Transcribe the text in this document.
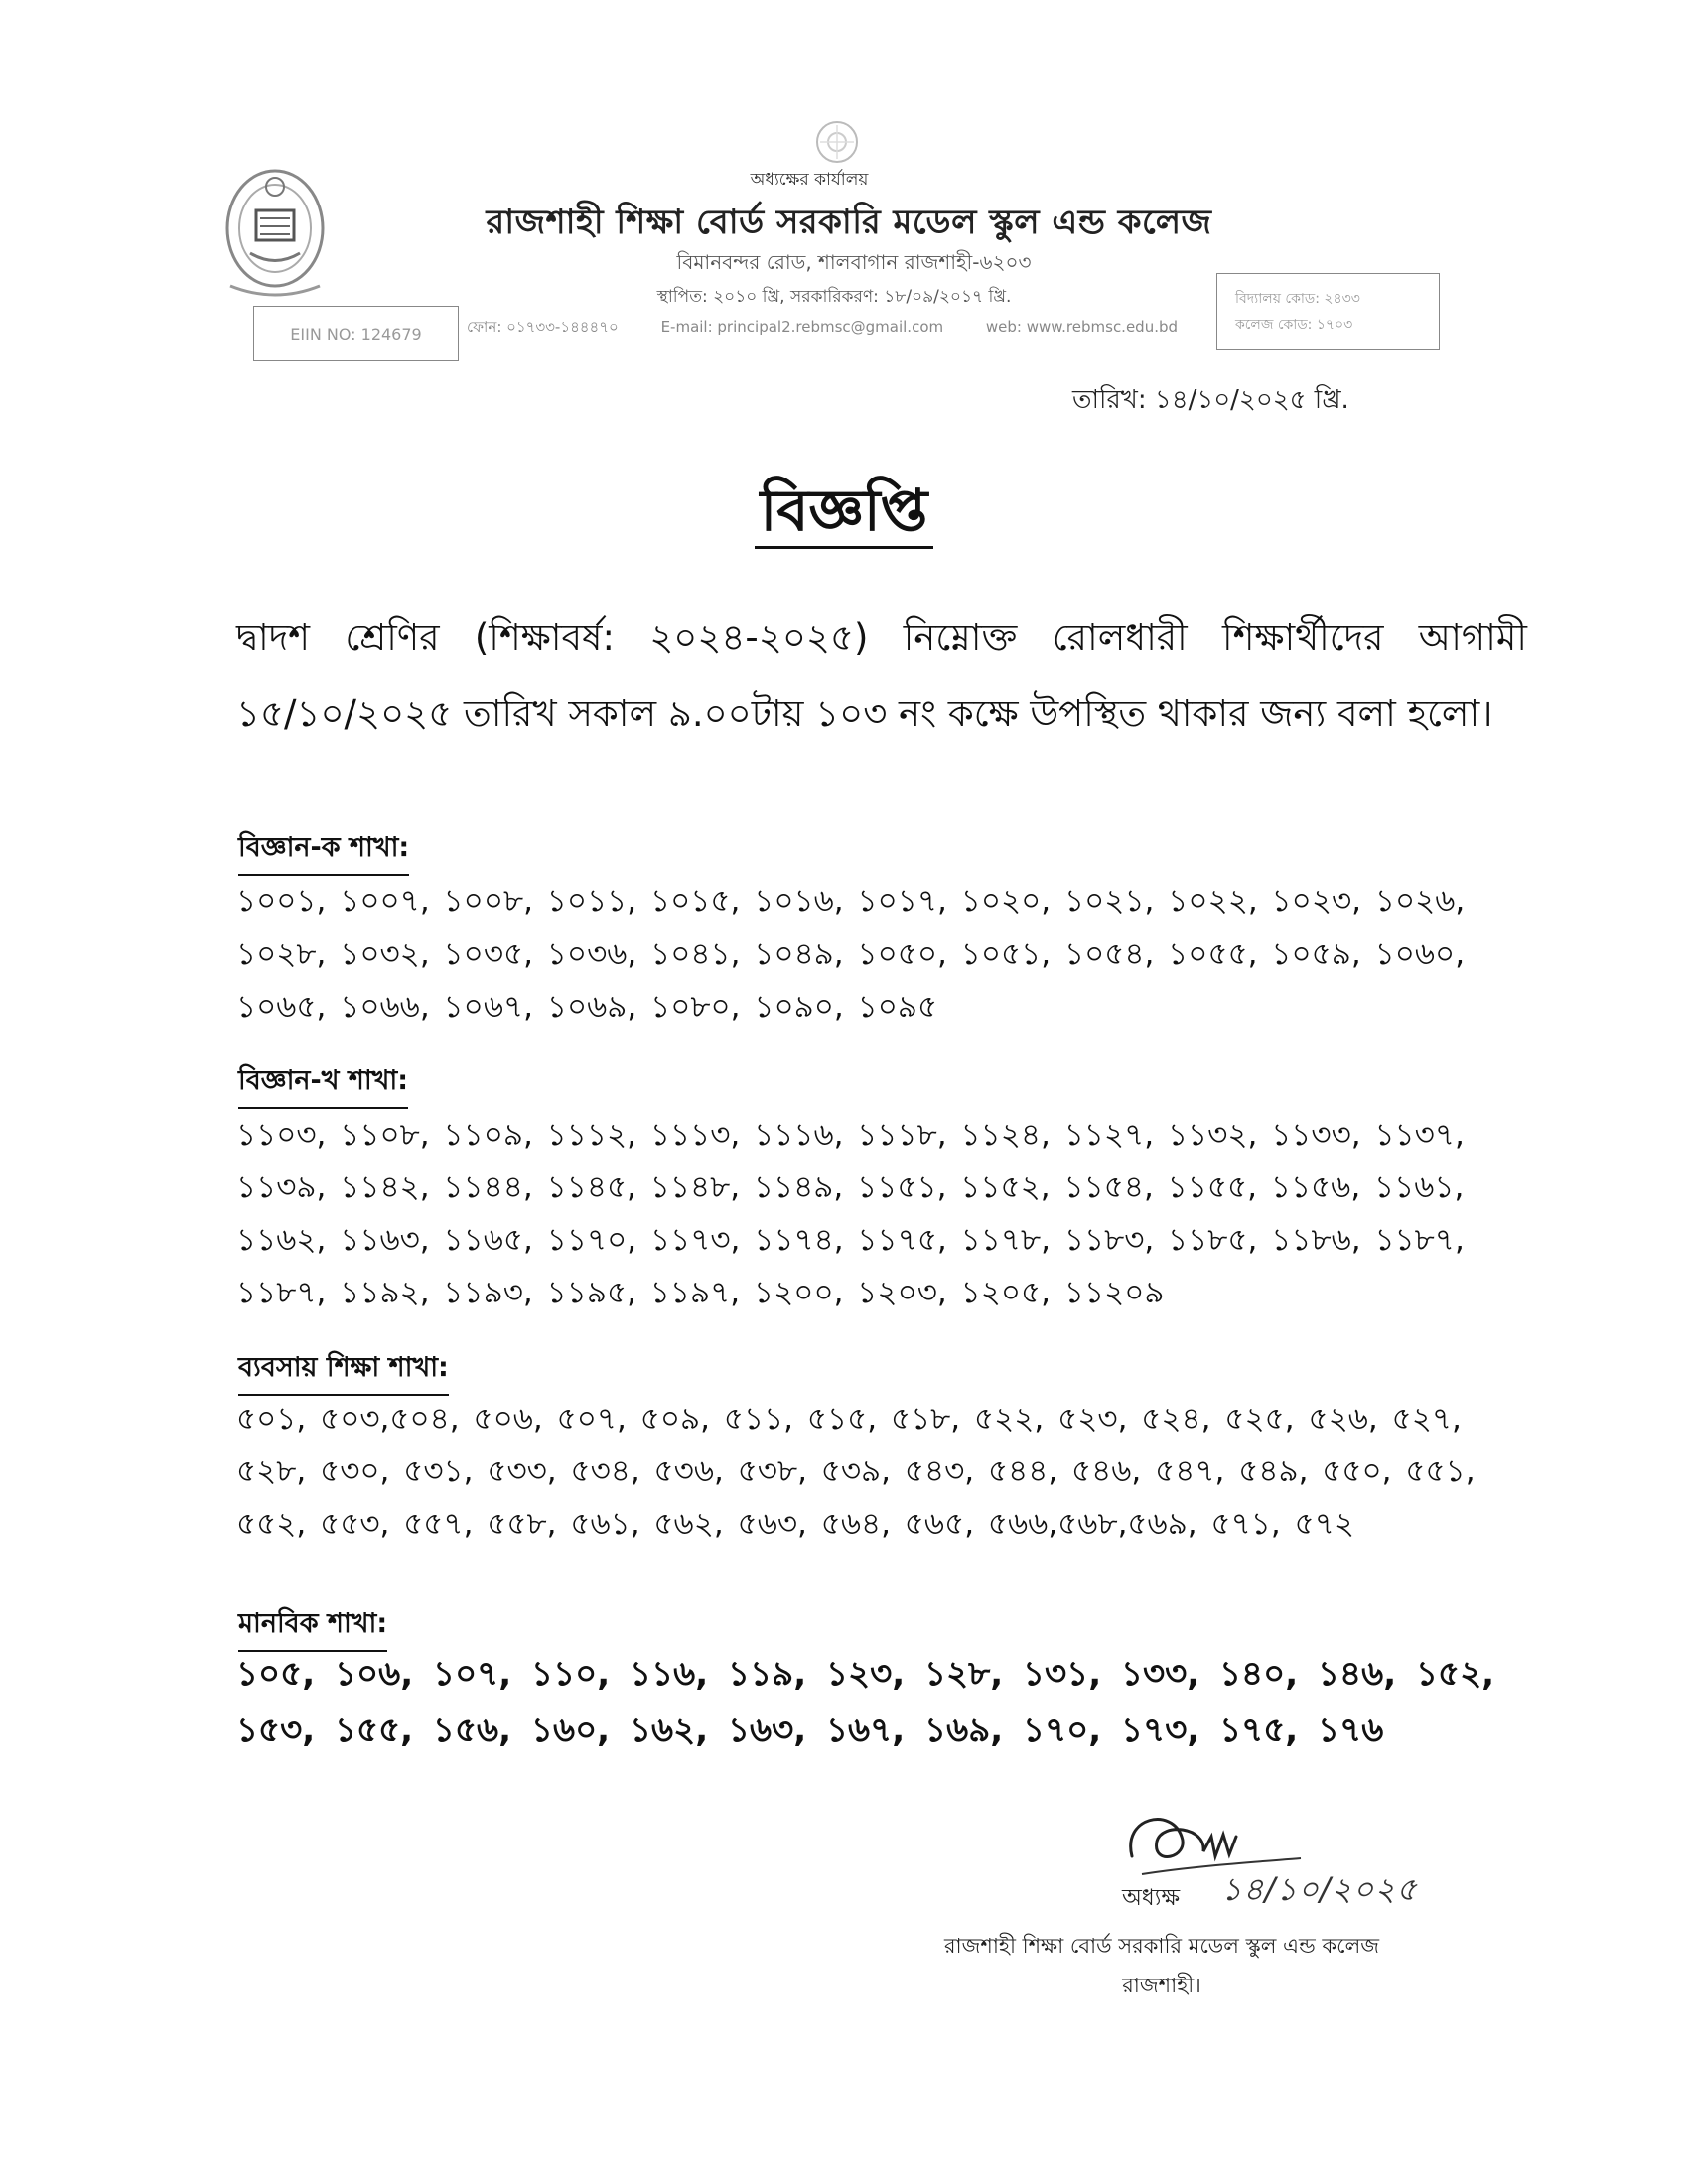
অধ্যক্ষের কার্যালয়
রাজশাহী শিক্ষা বোর্ড সরকারি মডেল স্কুল এন্ড কলেজ
বিমানবন্দর রোড, শালবাগান রাজশাহী-৬২০৩
স্থাপিত: ২০১০ খ্রি, সরকারিকরণ: ১৮/০৯/২০১৭ খ্রি.
ফোন: ০১৭৩৩-১৪৪৪৭০	E-mail: principal2.rebmsc@gmail.com	web: www.rebmsc.edu.bd
EIIN NO: 124679
বিদ্যালয় কোড: ২৪৩৩
কলেজ কোড: ১৭০৩
তারিখ: ১৪/১০/২০২৫ খ্রি.
বিজ্ঞপ্তি
দ্বাদশ শ্রেণির (শিক্ষাবর্ষ: ২০২৪-২০২৫) নিম্নোক্ত রোলধারী শিক্ষার্থীদের আগামী ১৫/১০/২০২৫ তারিখ সকাল ৯.০০টায় ১০৩ নং কক্ষে উপস্থিত থাকার জন্য বলা হলো।
বিজ্ঞান-ক শাখা:
১০০১, ১০০৭, ১০০৮, ১০১১, ১০১৫, ১০১৬, ১০১৭, ১০২০, ১০২১, ১০২২, ১০২৩, ১০২৬, ১০২৮, ১০৩২, ১০৩৫, ১০৩৬, ১০৪১, ১০৪৯, ১০৫০, ১০৫১, ১০৫৪, ১০৫৫, ১০৫৯, ১০৬০, ১০৬৫, ১০৬৬, ১০৬৭, ১০৬৯, ১০৮০, ১০৯০, ১০৯৫
বিজ্ঞান-খ শাখা:
১১০৩, ১১০৮, ১১০৯, ১১১২, ১১১৩, ১১১৬, ১১১৮, ১১২৪, ১১২৭, ১১৩২, ১১৩৩, ১১৩৭, ১১৩৯, ১১৪২, ১১৪৪, ১১৪৫, ১১৪৮, ১১৪৯, ১১৫১, ১১৫২, ১১৫৪, ১১৫৫, ১১৫৬, ১১৬১, ১১৬২, ১১৬৩, ১১৬৫, ১১৭০, ১১৭৩, ১১৭৪, ১১৭৫, ১১৭৮, ১১৮৩, ১১৮৫, ১১৮৬, ১১৮৭, ১১৮৭, ১১৯২, ১১৯৩, ১১৯৫, ১১৯৭, ১২০০, ১২০৩, ১২০৫, ১১২০৯
ব্যবসায় শিক্ষা শাখা:
৫০১, ৫০৩,৫০৪, ৫০৬, ৫০৭, ৫০৯, ৫১১, ৫১৫, ৫১৮, ৫২২, ৫২৩, ৫২৪, ৫২৫, ৫২৬, ৫২৭, ৫২৮, ৫৩০, ৫৩১, ৫৩৩, ৫৩৪, ৫৩৬, ৫৩৮, ৫৩৯, ৫৪৩, ৫৪৪, ৫৪৬, ৫৪৭, ৫৪৯, ৫৫০, ৫৫১, ৫৫২, ৫৫৩, ৫৫৭, ৫৫৮, ৫৬১, ৫৬২, ৫৬৩, ৫৬৪, ৫৬৫, ৫৬৬,৫৬৮,৫৬৯, ৫৭১, ৫৭২
মানবিক শাখা:
১০৫, ১০৬, ১০৭, ১১০, ১১৬, ১১৯, ১২৩, ১২৮, ১৩১, ১৩৩, ১৪০, ১৪৬, ১৫২, ১৫৩, ১৫৫, ১৫৬, ১৬০, ১৬২, ১৬৩, ১৬৭, ১৬৯, ১৭০, ১৭৩, ১৭৫, ১৭৬
১৪/১০/২০২৫
অধ্যক্ষ
রাজশাহী শিক্ষা বোর্ড সরকারি মডেল স্কুল এন্ড কলেজ
রাজশাহী।
